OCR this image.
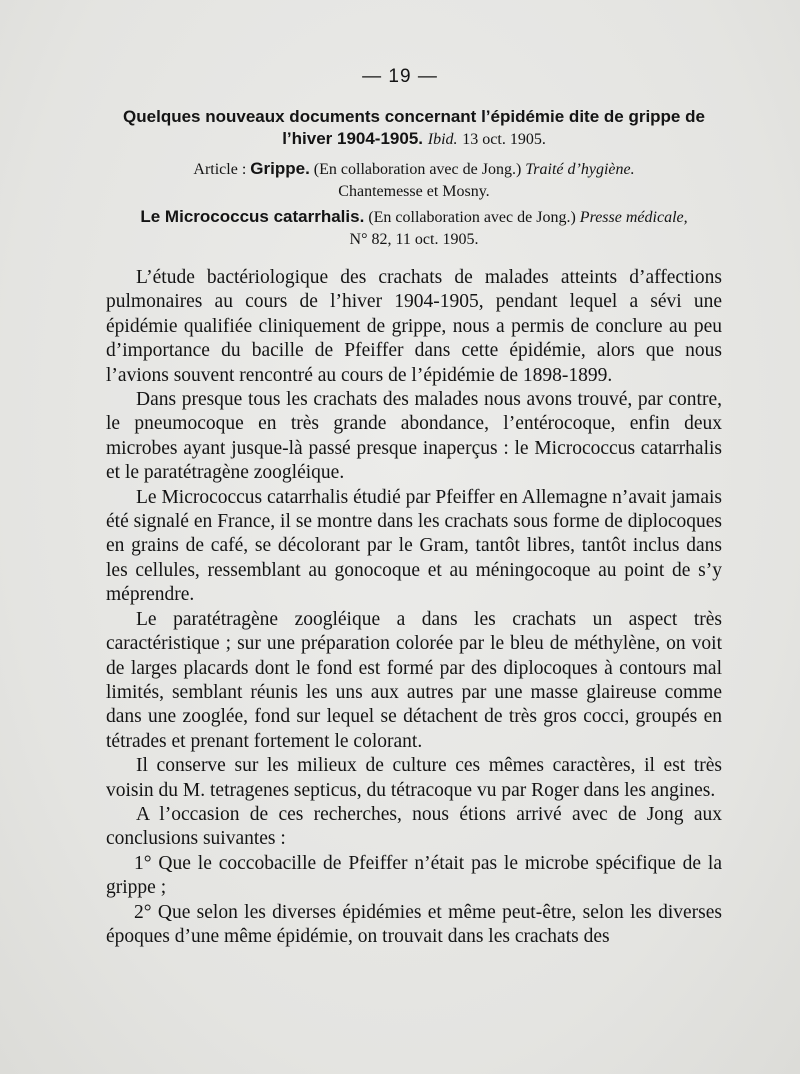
— 19 —
Quelques nouveaux documents concernant l’épidémie dite de grippe de l’hiver 1904-1905. Ibid. 13 oct. 1905.
Article : Grippe. (En collaboration avec de Jong.) Traité d’hygiène.
Chantemesse et Mosny.
Le Micrococcus catarrhalis. (En collaboration avec de Jong.) Presse médicale,
N° 82, 11 oct. 1905.

L’étude bactériologique des crachats de malades atteints d’affections pulmonaires au cours de l’hiver 1904-1905, pendant lequel a sévi une épidémie qualifiée cliniquement de grippe, nous a permis de conclure au peu d’importance du bacille de Pfeiffer dans cette épidémie, alors que nous l’avions souvent rencontré au cours de l’épidémie de 1898-1899.

Dans presque tous les crachats des malades nous avons trouvé, par contre, le pneumocoque en très grande abondance, l’entérocoque, enfin deux microbes ayant jusque-là passé presque inaperçus : le Micrococcus catarrhalis et le paratétragène zoogléique.

Le Micrococcus catarrhalis étudié par Pfeiffer en Allemagne n’avait jamais été signalé en France, il se montre dans les crachats sous forme de diplocoques en grains de café, se décolorant par le Gram, tantôt libres, tantôt inclus dans les cellules, ressemblant au gonocoque et au méningocoque au point de s’y méprendre.

Le paratétragène zoogléique a dans les crachats un aspect très caractéristique ; sur une préparation colorée par le bleu de méthylène, on voit de larges placards dont le fond est formé par des diplocoques à contours mal limités, semblant réunis les uns aux autres par une masse glaireuse comme dans une zooglée, fond sur lequel se détachent de très gros cocci, groupés en tétrades et prenant fortement le colorant.

Il conserve sur les milieux de culture ces mêmes caractères, il est très voisin du M. tetragenes septicus, du tétracoque vu par Roger dans les angines.

A l’occasion de ces recherches, nous étions arrivé avec de Jong aux conclusions suivantes :

1° Que le coccobacille de Pfeiffer n’était pas le microbe spécifique de la grippe ;

2° Que selon les diverses épidémies et même peut-être, selon les diverses époques d’une même épidémie, on trouvait dans les crachats des
